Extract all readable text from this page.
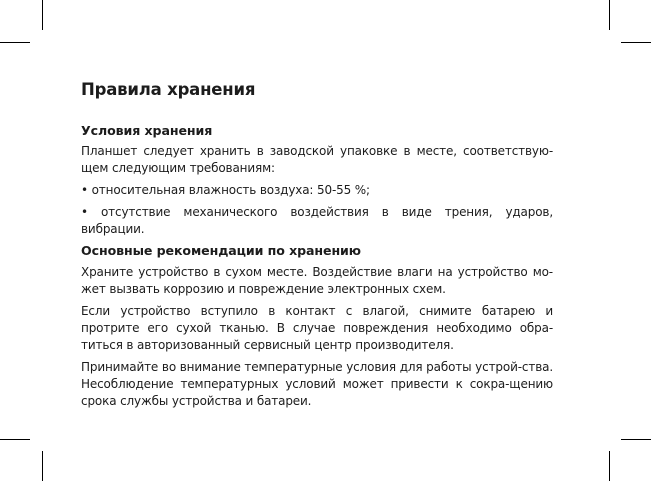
Правила хранения
Условия хранения

Планшет следует хранить в заводской упаковке в месте, соответствую-щем следующим требованиям:

• относительная влажность воздуха: 50-55 %;

• отсутствие механического воздействия в виде трения, ударов, вибрации.

Основные рекомендации по хранению

Храните устройство в сухом месте. Воздействие влаги на устройство мо-жет вызвать коррозию и повреждение электронных схем.

Если устройство вступило в контакт с влагой, снимите батарею и протрите его сухой тканью. В случае повреждения необходимо обра-титься в авторизованный сервисный центр производителя.

Принимайте во внимание температурные условия для работы устрой-ства. Несоблюдение температурных условий может привести к сокра-щению срока службы устройства и батареи.
